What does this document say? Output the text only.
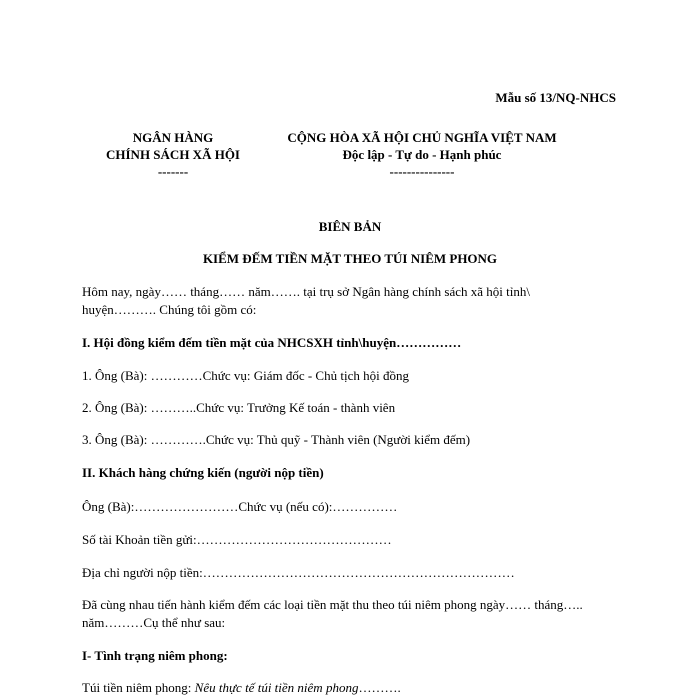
Mẫu số 13/NQ-NHCS
NGÂN HÀNG
CHÍNH SÁCH XÃ HỘI
-------
CỘNG HÒA XÃ HỘI CHỦ NGHĨA VIỆT NAM
Độc lập - Tự do - Hạnh phúc
---------------
BIÊN BẢN
KIỂM ĐẾM TIỀN MẶT THEO TÚI NIÊM PHONG
Hôm nay, ngày…… tháng…… năm……. tại trụ sở Ngân hàng chính sách xã hội tỉnh\
huyện………. Chúng tôi gồm có:
I. Hội đồng kiểm đếm tiền mặt của NHCSXH tỉnh\huyện……………
1. Ông (Bà): …………Chức vụ: Giám đốc - Chủ tịch hội đồng
2. Ông (Bà): ………..Chức vụ: Trưởng Kế toán - thành viên
3. Ông (Bà): ………….Chức vụ: Thủ quỹ - Thành viên (Người kiểm đếm)
II. Khách hàng chứng kiến (người nộp tiền)
Ông (Bà):……………………Chức vụ (nếu có):……………
Số tài Khoản tiền gửi:………………………………………
Địa chỉ người nộp tiền:………………………………………………………………
Đã cùng nhau tiến hành kiểm đếm các loại tiền mặt thu theo túi niêm phong ngày…… tháng…..
năm………Cụ thể như sau:
I- Tình trạng niêm phong:
Túi tiền niêm phong: Nêu thực tế túi tiền niêm phong……….
